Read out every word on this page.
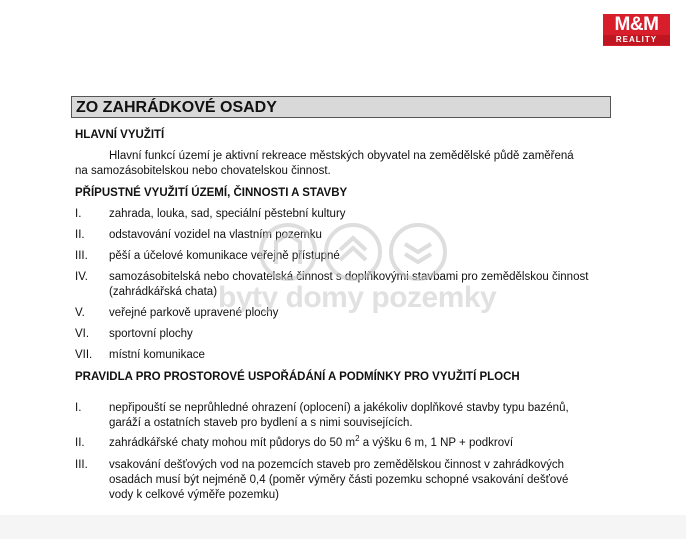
M&M
REALITY
ZO ZAHRÁDKOVÉ OSADY
HLAVNÍ VYUŽITÍ
Hlavní funkcí území je aktivní rekreace městských obyvatel na zemědělské půdě zaměřená
na samozásobitelskou nebo chovatelskou činnost.
PŘÍPUSTNÉ VYUŽITÍ ÚZEMÍ, ČINNOSTI A STAVBY
I. zahrada, louka, sad, speciální pěstební kultury
II. odstavování vozidel na vlastním pozemku
III. pěší a účelové komunikace veřejně přístupné
IV. samozásobitelská nebo chovatelská činnost s doplňkovými stavbami pro zemědělskou činnost
(zahrádkářská chata)
V. veřejné parkově upravené plochy
VI. sportovní plochy
VII. místní komunikace
PRAVIDLA PRO PROSTOROVÉ USPOŘÁDÁNÍ A PODMÍNKY PRO VYUŽITÍ PLOCH
I. nepřipouští se neprůhledné ohrazení (oplocení) a jakékoliv doplňkové stavby typu bazénů,
garáží a ostatních staveb pro bydlení a s nimi souvisejících.
II. zahrádkářské chaty mohou mít půdorys do 50 $m^2$ a výšku 6 m, 1 NP + podkroví
III. vsakování dešťových vod na pozemcích staveb pro zemědělskou činnost v zahrádkových
osadách musí být nejméně 0,4 (poměr výměry části pozemku schopné vsakování dešťové
vody k celkové výměře pozemku)
byty domy pozemky
